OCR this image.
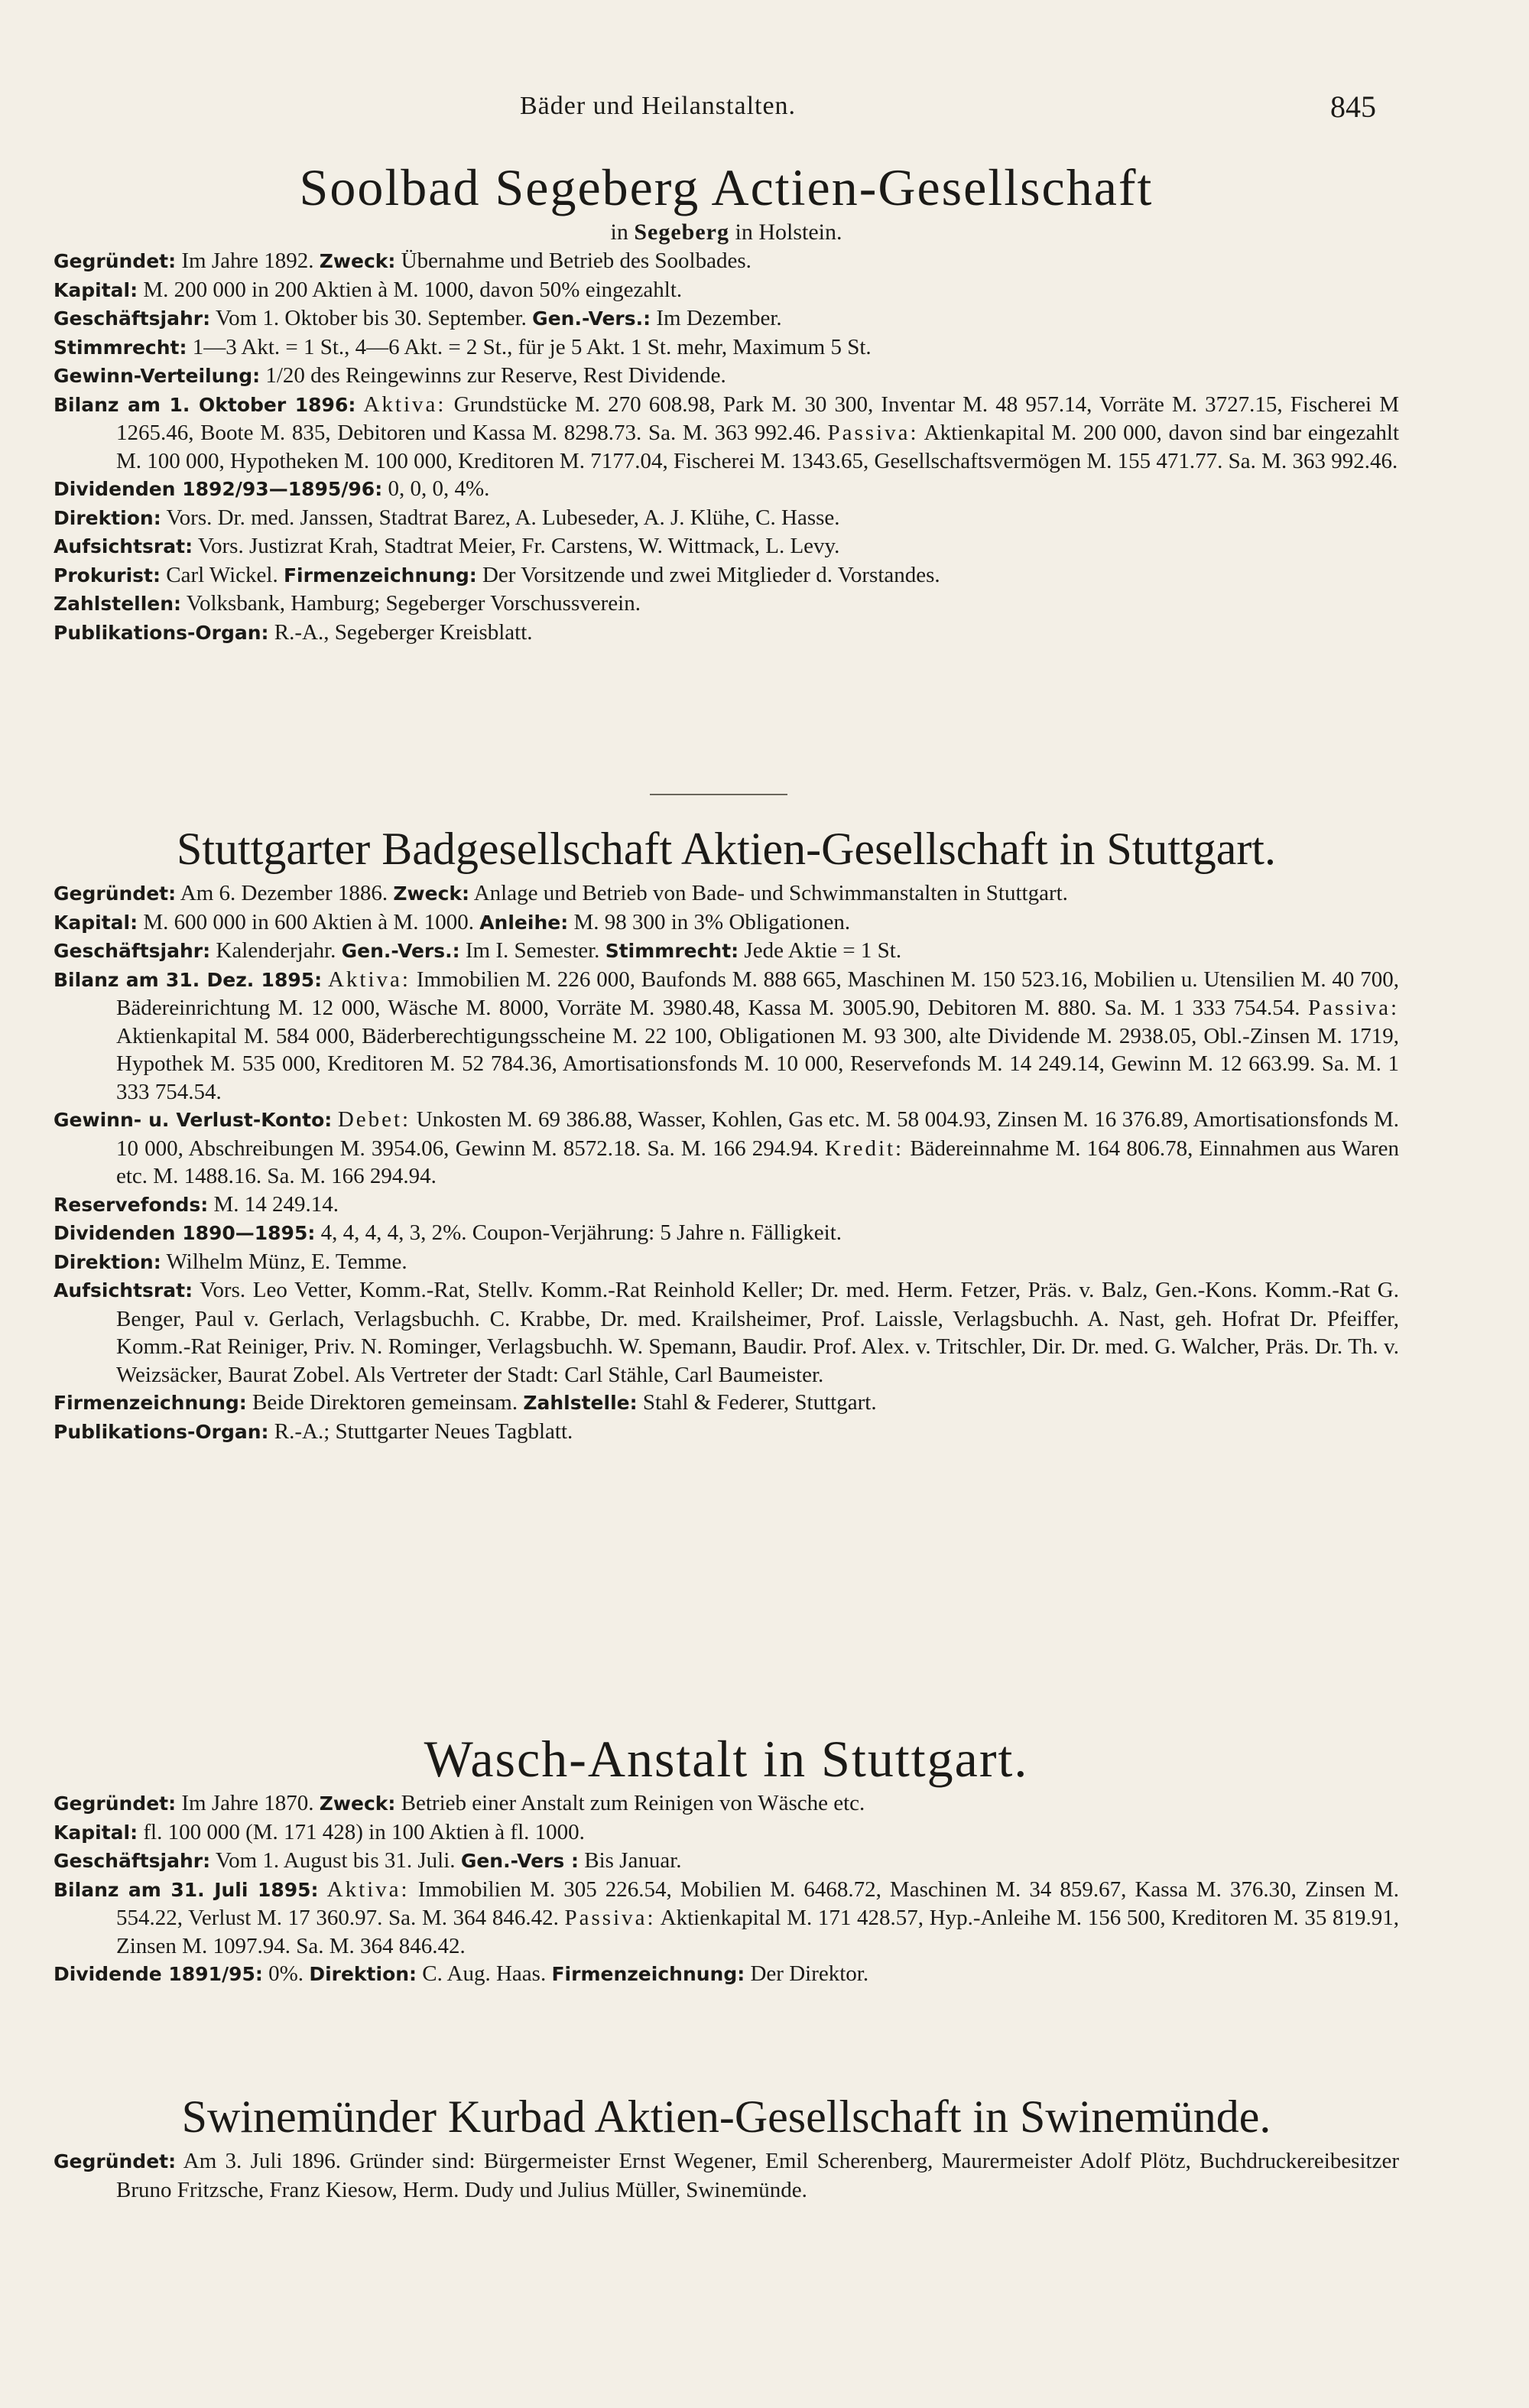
Bäder und Heilanstalten.	845
Soolbad Segeberg Actien-Gesellschaft
in Segeberg in Holstein.

Gegründet: Im Jahre 1892. Zweck: Übernahme und Betrieb des Soolbades.

Kapital: M. 200 000 in 200 Aktien à M. 1000, davon 50% eingezahlt.

Geschäftsjahr: Vom 1. Oktober bis 30. September. Gen.-Vers.: Im Dezember.

Stimmrecht: 1—3 Akt. = 1 St., 4—6 Akt. = 2 St., für je 5 Akt. 1 St. mehr, Maximum 5 St.

Gewinn-Verteilung: 1/20 des Reingewinns zur Reserve, Rest Dividende.

Bilanz am 1. Oktober 1896: Aktiva: Grundstücke M. 270 608.98, Park M. 30 300, Inventar M. 48 957.14, Vorräte M. 3727.15, Fischerei M 1265.46, Boote M. 835, Debitoren und Kassa M. 8298.73. Sa. M. 363 992.46. Passiva: Aktienkapital M. 200 000, davon sind bar eingezahlt M. 100 000, Hypotheken M. 100 000, Kreditoren M. 7177.04, Fischerei M. 1343.65, Gesellschaftsvermögen M. 155 471.77. Sa. M. 363 992.46.

Dividenden 1892/93—1895/96: 0, 0, 0, 4%.

Direktion: Vors. Dr. med. Janssen, Stadtrat Barez, A. Lubeseder, A. J. Klühe, C. Hasse.

Aufsichtsrat: Vors. Justizrat Krah, Stadtrat Meier, Fr. Carstens, W. Wittmack, L. Levy.

Prokurist: Carl Wickel. Firmenzeichnung: Der Vorsitzende und zwei Mitglieder d. Vorstandes.

Zahlstellen: Volksbank, Hamburg; Segeberger Vorschussverein.

Publikations-Organ: R.-A., Segeberger Kreisblatt.

Stuttgarter Badgesellschaft Aktien-Gesellschaft in Stuttgart.

Gegründet: Am 6. Dezember 1886. Zweck: Anlage und Betrieb von Bade- und Schwimmanstalten in Stuttgart.

Kapital: M. 600 000 in 600 Aktien à M. 1000. Anleihe: M. 98 300 in 3% Obligationen.

Geschäftsjahr: Kalenderjahr. Gen.-Vers.: Im I. Semester. Stimmrecht: Jede Aktie = 1 St.

Bilanz am 31. Dez. 1895: Aktiva: Immobilien M. 226 000, Baufonds M. 888 665, Maschinen M. 150 523.16, Mobilien u. Utensilien M. 40 700, Bädereinrichtung M. 12 000, Wäsche M. 8000, Vorräte M. 3980.48, Kassa M. 3005.90, Debitoren M. 880. Sa. M. 1 333 754.54. Passiva: Aktienkapital M. 584 000, Bäderberechtigungsscheine M. 22 100, Obligationen M. 93 300, alte Dividende M. 2938.05, Obl.-Zinsen M. 1719, Hypothek M. 535 000, Kreditoren M. 52 784.36, Amortisationsfonds M. 10 000, Reservefonds M. 14 249.14, Gewinn M. 12 663.99. Sa. M. 1 333 754.54.

Gewinn- u. Verlust-Konto: Debet: Unkosten M. 69 386.88, Wasser, Kohlen, Gas etc. M. 58 004.93, Zinsen M. 16 376.89, Amortisationsfonds M. 10 000, Abschreibungen M. 3954.06, Gewinn M. 8572.18. Sa. M. 166 294.94. Kredit: Bädereinnahme M. 164 806.78, Einnahmen aus Waren etc. M. 1488.16. Sa. M. 166 294.94.

Reservefonds: M. 14 249.14.

Dividenden 1890—1895: 4, 4, 4, 4, 3, 2%. Coupon-Verjährung: 5 Jahre n. Fälligkeit.

Direktion: Wilhelm Münz, E. Temme.

Aufsichtsrat: Vors. Leo Vetter, Komm.-Rat, Stellv. Komm.-Rat Reinhold Keller; Dr. med. Herm. Fetzer, Präs. v. Balz, Gen.-Kons. Komm.-Rat G. Benger, Paul v. Gerlach, Verlagsbuchh. C. Krabbe, Dr. med. Krailsheimer, Prof. Laissle, Verlagsbuchh. A. Nast, geh. Hofrat Dr. Pfeiffer, Komm.-Rat Reiniger, Priv. N. Rominger, Verlagsbuchh. W. Spemann, Baudir. Prof. Alex. v. Tritschler, Dir. Dr. med. G. Walcher, Präs. Dr. Th. v. Weizsäcker, Baurat Zobel. Als Vertreter der Stadt: Carl Stähle, Carl Baumeister.

Firmenzeichnung: Beide Direktoren gemeinsam. Zahlstelle: Stahl & Federer, Stuttgart.

Publikations-Organ: R.-A.; Stuttgarter Neues Tagblatt.

Wasch-Anstalt in Stuttgart.

Gegründet: Im Jahre 1870. Zweck: Betrieb einer Anstalt zum Reinigen von Wäsche etc.

Kapital: fl. 100 000 (M. 171 428) in 100 Aktien à fl. 1000.

Geschäftsjahr: Vom 1. August bis 31. Juli. Gen.-Vers : Bis Januar.

Bilanz am 31. Juli 1895: Aktiva: Immobilien M. 305 226.54, Mobilien M. 6468.72, Maschinen M. 34 859.67, Kassa M. 376.30, Zinsen M. 554.22, Verlust M. 17 360.97. Sa. M. 364 846.42. Passiva: Aktienkapital M. 171 428.57, Hyp.-Anleihe M. 156 500, Kreditoren M. 35 819.91, Zinsen M. 1097.94. Sa. M. 364 846.42.

Dividende 1891/95: 0%. Direktion: C. Aug. Haas. Firmenzeichnung: Der Direktor.

Swinemünder Kurbad Aktien-Gesellschaft in Swinemünde.

Gegründet: Am 3. Juli 1896. Gründer sind: Bürgermeister Ernst Wegener, Emil Scherenberg, Maurermeister Adolf Plötz, Buchdruckereibesitzer Bruno Fritzsche, Franz Kiesow, Herm. Dudy und Julius Müller, Swinemünde.
